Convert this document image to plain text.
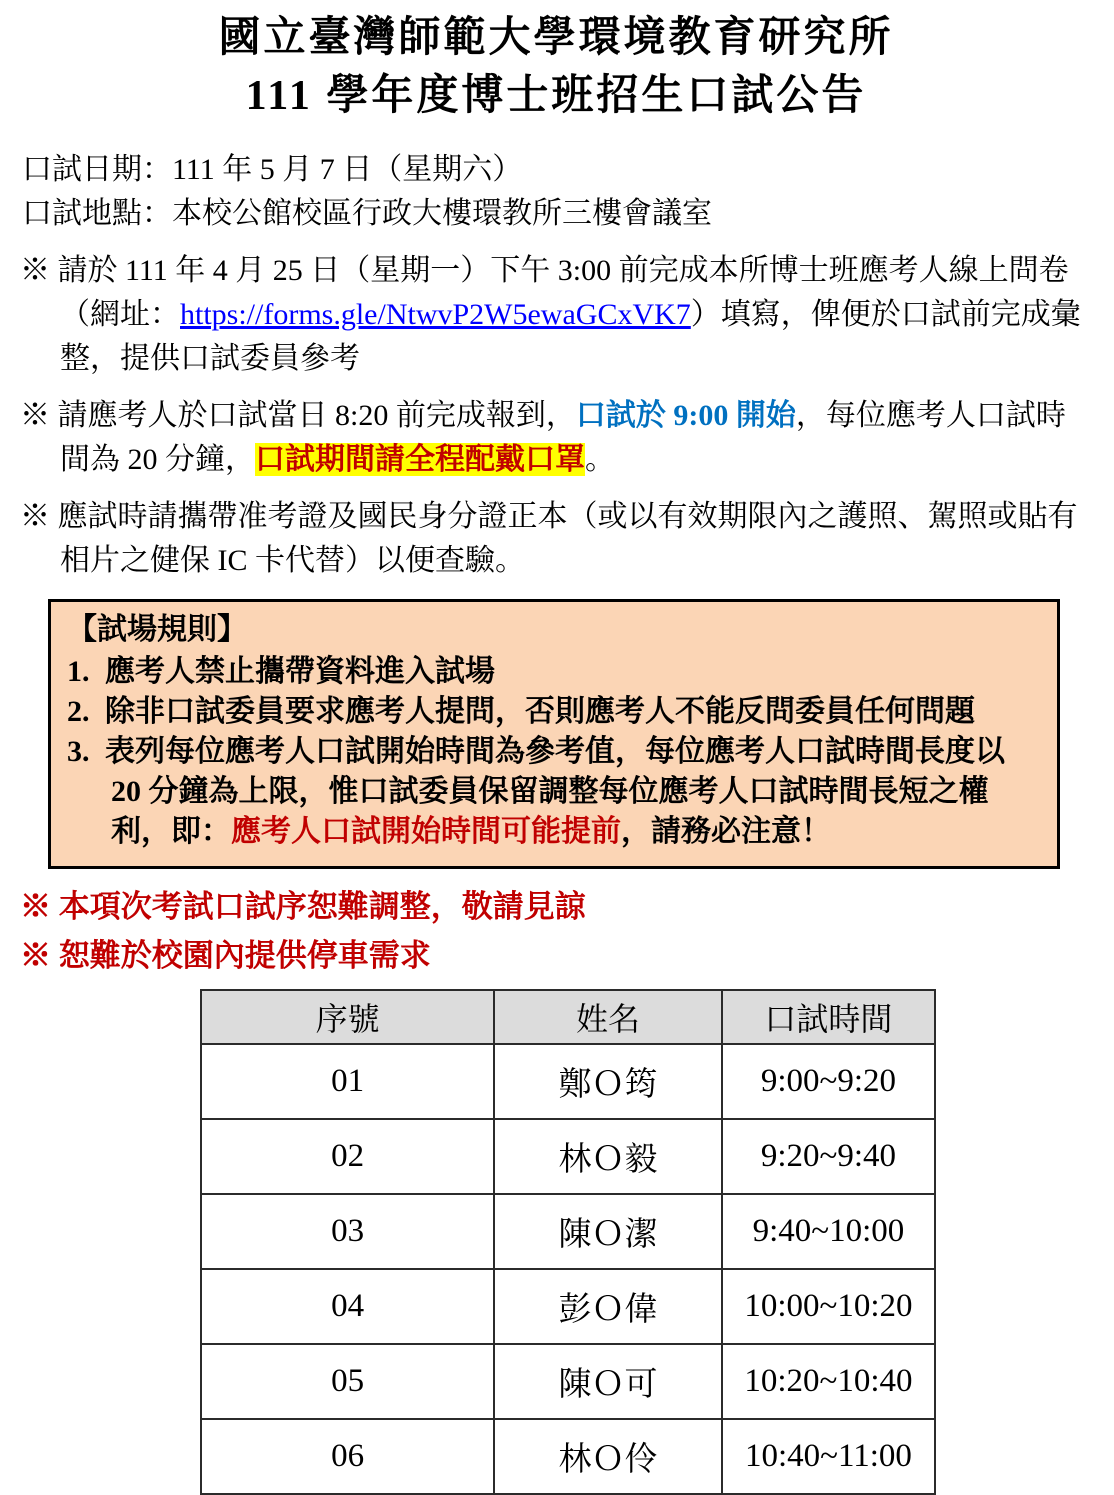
國立臺灣師範大學環境教育研究所
111 學年度博士班招生口試公告
口試日期：111 年 5 月 7 日（星期六）
口試地點：本校公館校區行政大樓環教所三樓會議室

※ 請於 111 年 4 月 25 日（星期一）下午 3:00 前完成本所博士班應考人線上問卷（網址：https://forms.gle/NtwvP2W5ewaGCxVK7）填寫，俾便於口試前完成彙整，提供口試委員參考

※ 請應考人於口試當日 8:20 前完成報到，口試於 9:00 開始，每位應考人口試時間為 20 分鐘，口試期間請全程配戴口罩。

※ 應試時請攜帶准考證及國民身分證正本（或以有效期限內之護照、駕照或貼有相片之健保 IC 卡代替）以便查驗。

【試場規則】
1. 應考人禁止攜帶資料進入試場
2. 除非口試委員要求應考人提問，否則應考人不能反問委員任何問題
3. 表列每位應考人口試開始時間為參考值，每位應考人口試時間長度以 20 分鐘為上限，惟口試委員保留調整每位應考人口試時間長短之權利，即：應考人口試開始時間可能提前，請務必注意！

※ 本項次考試口試序恕難調整，敬請見諒

※ 恕難於校園內提供停車需求

序號	姓名	口試時間
01	鄭Ｏ筠	9:00~9:20
02	林Ｏ毅	9:20~9:40
03	陳Ｏ潔	9:40~10:00
04	彭Ｏ偉	10:00~10:20
05	陳Ｏ可	10:20~10:40
06	林Ｏ伶	10:40~11:00
